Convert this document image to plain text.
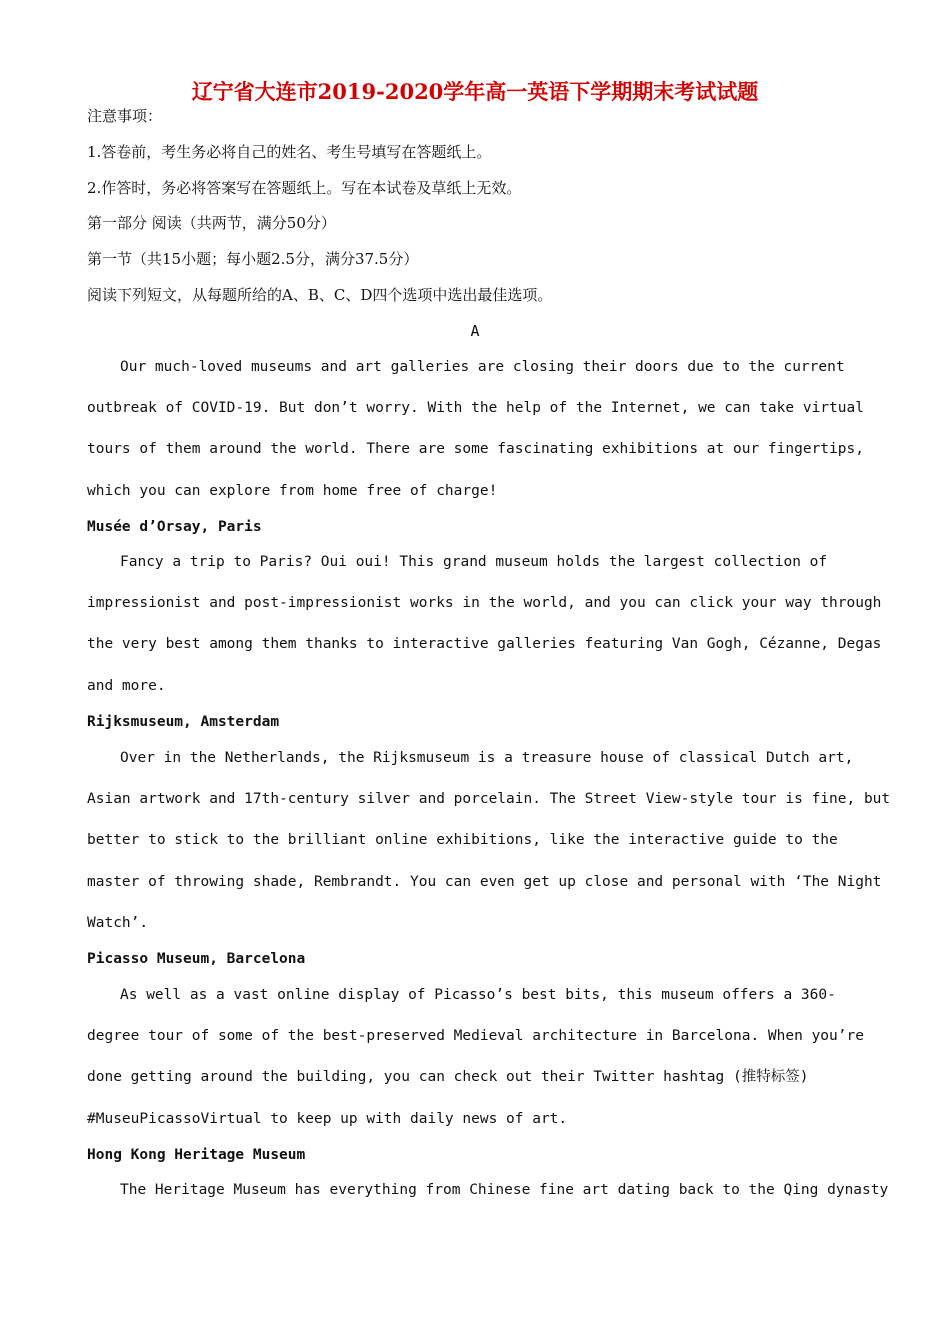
辽宁省大连市2019-2020学年高一英语下学期期末考试试题
注意事项：
1.答卷前，考生务必将自己的姓名、考生号填写在答题纸上。
2.作答时，务必将答案写在答题纸上。写在本试卷及草纸上无效。
第一部分 阅读（共两节，满分50分）
第一节（共15小题；每小题2.5分，满分37.5分）
阅读下列短文，从每题所给的A、B、C、D四个选项中选出最佳选项。
A
Our much-loved museums and art galleries are closing their doors due to the current
outbreak of COVID-19. But don’t worry. With the help of the Internet, we can take virtual
tours of them around the world. There are some fascinating exhibitions at our fingertips,
which you can explore from home free of charge!
Musée d’Orsay, Paris
Fancy a trip to Paris? Oui oui! This grand museum holds the largest collection of
impressionist and post-impressionist works in the world, and you can click your way through
the very best among them thanks to interactive galleries featuring Van Gogh, Cézanne, Degas
and more.
Rijksmuseum, Amsterdam
Over in the Netherlands, the Rijksmuseum is a treasure house of classical Dutch art,
Asian artwork and 17th-century silver and porcelain. The Street View-style tour is fine, but
better to stick to the brilliant online exhibitions, like the interactive guide to the
master of throwing shade, Rembrandt. You can even get up close and personal with ‘The Night
Watch’.
Picasso Museum, Barcelona
As well as a vast online display of Picasso’s best bits, this museum offers a 360-
degree tour of some of the best-preserved Medieval architecture in Barcelona. When you’re
done getting around the building, you can check out their Twitter hashtag (推特标签)
#MuseuPicassoVirtual to keep up with daily news of art.
Hong Kong Heritage Museum
The Heritage Museum has everything from Chinese fine art dating back to the Qing dynasty
